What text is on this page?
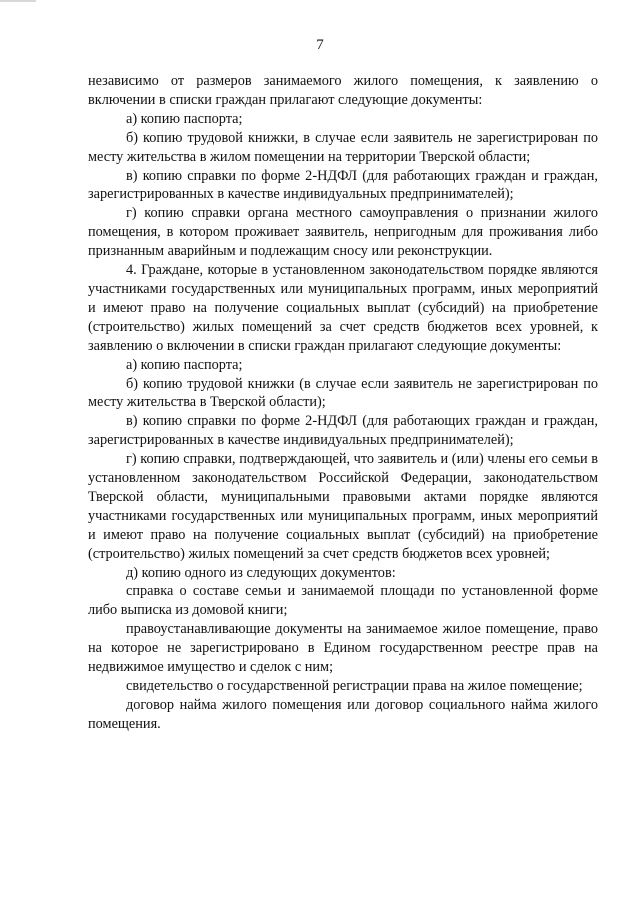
7

независимо от размеров занимаемого жилого помещения, к заявлению о включении в списки граждан прилагают следующие документы:

а) копию паспорта;

б) копию трудовой книжки, в случае если заявитель не зарегистрирован по месту жительства в жилом помещении на территории Тверской области;

в) копию справки по форме 2-НДФЛ (для работающих граждан и граждан, зарегистрированных в качестве индивидуальных предпринимателей);

г) копию справки органа местного самоуправления о признании жилого помещения, в котором проживает заявитель, непригодным для проживания либо признанным аварийным и подлежащим сносу или реконструкции.

4. Граждане, которые в установленном законодательством порядке являются участниками государственных или муниципальных программ, иных мероприятий и имеют право на получение социальных выплат (субсидий) на приобретение (строительство) жилых помещений за счет средств бюджетов всех уровней, к заявлению о включении в списки граждан прилагают следующие документы:

а) копию паспорта;

б) копию трудовой книжки (в случае если заявитель не зарегистрирован по месту жительства в Тверской области);

в) копию справки по форме 2-НДФЛ (для работающих граждан и граждан, зарегистрированных в качестве индивидуальных предпринимателей);

г) копию справки, подтверждающей, что заявитель и (или) члены его семьи в установленном законодательством Российской Федерации, законодательством Тверской области, муниципальными правовыми актами порядке являются участниками государственных или муниципальных программ, иных мероприятий и имеют право на получение социальных выплат (субсидий) на приобретение (строительство) жилых помещений за счет средств бюджетов всех уровней;

д) копию одного из следующих документов:

справка о составе семьи и занимаемой площади по установленной форме либо выписка из домовой книги;

правоустанавливающие документы на занимаемое жилое помещение, право на которое не зарегистрировано в Едином государственном реестре прав на недвижимое имущество и сделок с ним;

свидетельство о государственной регистрации права на жилое помещение;

договор найма жилого помещения или договор социального найма жилого помещения.
